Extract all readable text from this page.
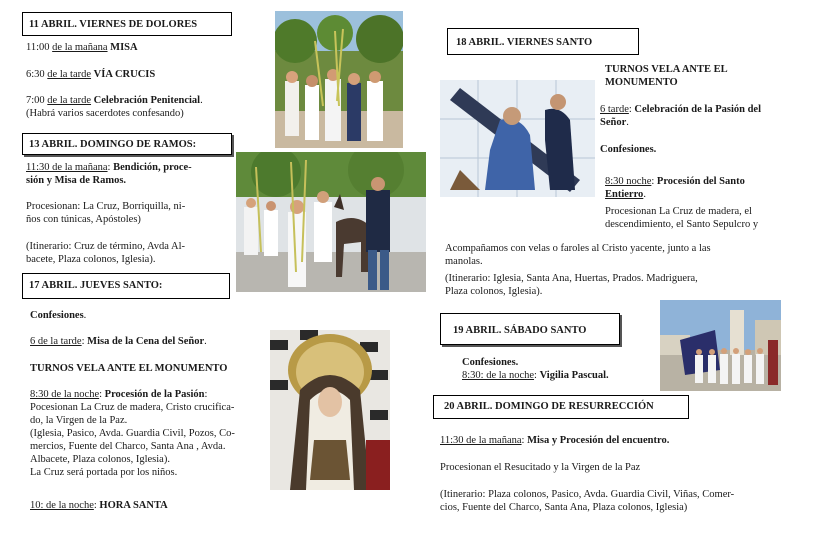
11 ABRIL. VIERNES DE DOLORES
11:00 de la mañana MISA
6:30 de la tarde VÍA CRUCIS
7:00 de la tarde Celebración Penitencial.
(Habrá varios sacerdotes confesando)
13 ABRIL. DOMINGO DE RAMOS:
11:30 de la mañana: Bendición, proce-
sión y Misa de Ramos.
Procesionan: La Cruz, Borriquilla, ni-
ños con túnicas, Apóstoles)
(Itinerario: Cruz de término, Avda Al-
bacete, Plaza colonos, Iglesia).
17 ABRIL. JUEVES SANTO:
Confesiones.
6 de la tarde: Misa de la Cena del Señor.
TURNOS VELA ANTE EL MONUMENTO
8:30 de la noche: Procesión de la Pasión:
Pocesionan La Cruz de madera, Cristo crucifica-
do, la Virgen de la Paz.
(Iglesia, Pasico, Avda. Guardia Civil, Pozos, Co-
mercios, Fuente del Charco, Santa Ana , Avda.
Albacete, Plaza colonos, Iglesia).
La Cruz será portada por los niños.
10: de la noche: HORA SANTA
18 ABRIL. VIERNES SANTO
TURNOS VELA ANTE EL
MONUMENTO
6 tarde: Celebración de la Pasión del
Señor.
Confesiones.
8:30 noche: Procesión del Santo
Entierro.
Procesionan La Cruz de madera, el
descendimiento, el Santo Sepulcro y
Acompañamos con velas o faroles al Cristo yacente, junto a las
manolas.
(Itinerario: Iglesia, Santa Ana, Huertas, Prados. Madriguera,
Plaza colonos, Iglesia).
19 ABRIL. SÁBADO SANTO
Confesiones.
8:30: de la noche: Vigilia Pascual.
20 ABRIL. DOMINGO DE RESURRECCIÓN
11:30 de la mañana: Misa y Procesión del encuentro.
Procesionan el Resucitado y la Virgen de la Paz
(Itinerario: Plaza colonos, Pasico, Avda. Guardia Civil, Viñas, Comer-
cios, Fuente del Charco, Santa Ana, Plaza colonos, Iglesia)
